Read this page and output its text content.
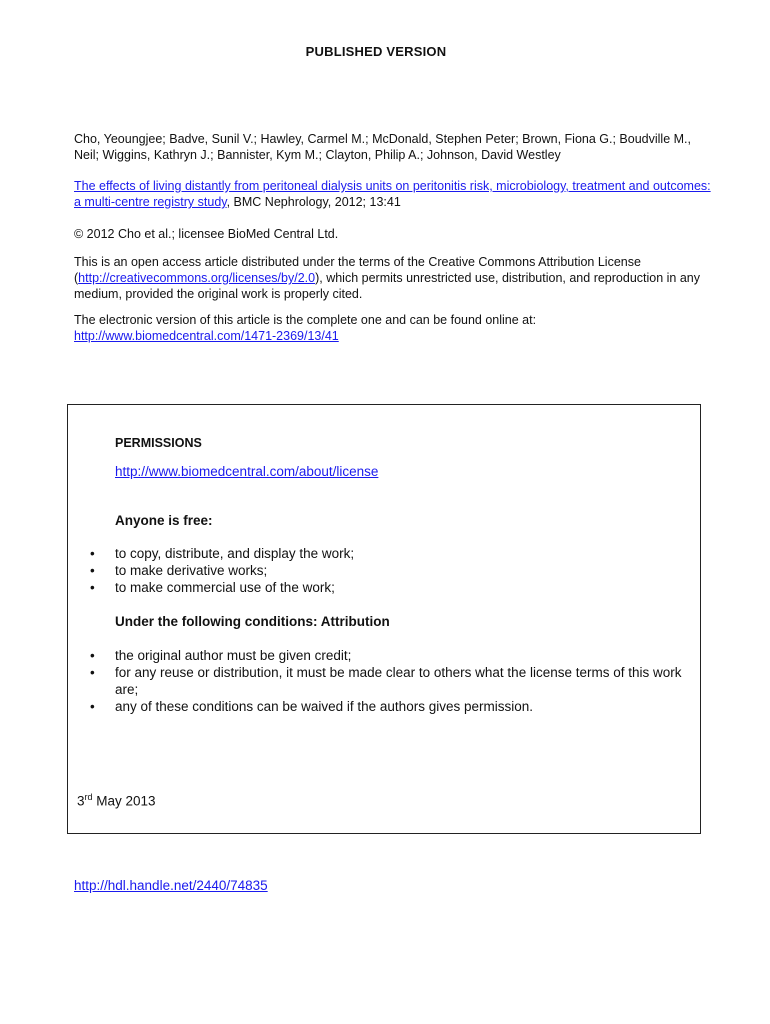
PUBLISHED VERSION
Cho, Yeoungjee; Badve, Sunil V.; Hawley, Carmel M.; McDonald, Stephen Peter; Brown, Fiona G.; Boudville M., Neil; Wiggins, Kathryn J.; Bannister, Kym M.; Clayton, Philip A.; Johnson, David Westley
The effects of living distantly from peritoneal dialysis units on peritonitis risk, microbiology, treatment and outcomes: a multi-centre registry study, BMC Nephrology, 2012; 13:41
© 2012 Cho et al.; licensee BioMed Central Ltd.
This is an open access article distributed under the terms of the Creative Commons Attribution License (http://creativecommons.org/licenses/by/2.0), which permits unrestricted use, distribution, and reproduction in any medium, provided the original work is properly cited.
The electronic version of this article is the complete one and can be found online at:
http://www.biomedcentral.com/1471-2369/13/41
PERMISSIONS
http://www.biomedcentral.com/about/license
Anyone is free:
• to copy, distribute, and display the work;
• to make derivative works;
• to make commercial use of the work;
Under the following conditions: Attribution
• the original author must be given credit;
• for any reuse or distribution, it must be made clear to others what the license terms of this work are;
• any of these conditions can be waived if the authors gives permission.
3rd May 2013
http://hdl.handle.net/2440/74835
